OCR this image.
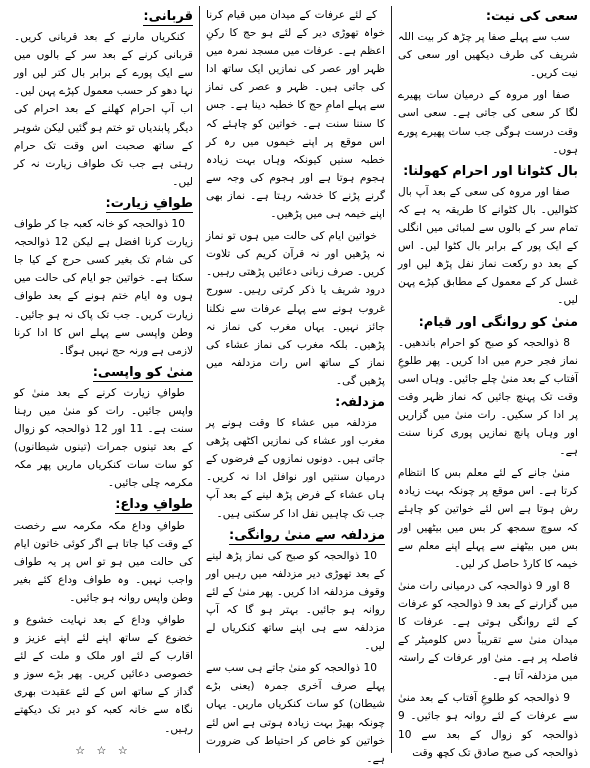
سعی کی نیت:

سب سے پہلے صفا پر چڑھ کر بیت اللہ شریف کی طرف دیکھیں اور سعی کی نیت کریں۔

صفا اور مروہ کے درمیان سات پھیرے لگا کر سعی کی جاتی ہے۔ سعی اسی وقت درست ہوگی جب سات پھیرے پورے ہوں۔

بال کٹوانا اور احرام کھولنا:

صفا اور مروہ کی سعی کے بعد آپ بال کٹوالیں۔ بال کٹوانے کا طریقہ یہ ہے کہ تمام سر کے بالوں سے لمبائی میں انگلی کے ایک پور کے برابر بال کٹوا لیں۔ اس کے بعد دو رکعت نماز نفل پڑھ لیں اور غسل کر کے معمول کے مطابق کپڑے پہن لیں۔

منیٰ کو روانگی اور قیام:

8 ذوالحجہ کو صبح کو احرام باندھیں۔ نماز فجر حرم میں ادا کریں۔ پھر طلوعِ آفتاب کے بعد منیٰ چلے جائیں۔ وہاں اسی وقت تک پہنچ جائیں کہ نماز ظہر وقت پر ادا کر سکیں۔ رات منیٰ میں گزاریں اور وہاں پانچ نمازیں پوری کرنا سنت ہے۔

منیٰ جانے کے لئے معلم بس کا انتظام کرتا ہے۔ اس موقع پر چونکہ بہت زیادہ رش ہوتا ہے اس لئے خواتین کو چاہئے کہ سوچ سمجھ کر بس میں بیٹھیں اور بس میں بیٹھنے سے پہلے اپنے معلم سے خیمہ کا کارڈ حاصل کر لیں۔

8 اور 9 ذوالحجہ کی درمیانی رات منیٰ میں گزارنے کے بعد 9 ذوالحجہ کو عرفات کے لئے روانگی ہوتی ہے۔ عرفات کا میدان منیٰ سے تقریباً دس کلومیٹر کے فاصلہ پر ہے۔ منیٰ اور عرفات کے راستہ میں مزدلفہ آتا ہے۔

9 ذوالحجہ کو طلوعِ آفتاب کے بعد منیٰ سے عرفات کے لئے روانہ ہو جائیں۔ 9 ذوالحجہ کو زوال کے بعد سے 10 ذوالحجہ کی صبح صادق تک کچھ وقت

کے لئے عرفات کے میدان میں قیام کرنا خواہ تھوڑی دیر کے لئے ہو حج کا رکنِ اعظم ہے۔ عرفات میں مسجد نمرہ میں ظہر اور عصر کی نمازیں ایک ساتھ ادا کی جاتی ہیں۔ ظہر و عصر کی نماز سے پہلے امامِ حج کا خطبہ دینا ہے۔ جس کا سننا سنت ہے۔ خواتین کو چاہئے کہ اس موقع پر اپنے خیموں میں رہ کر خطبہ سنیں کیونکہ وہاں بہت زیادہ ہجوم ہوتا ہے اور ہجوم کی وجہ سے گرنے پڑنے کا خدشہ رہتا ہے۔ نماز بھی اپنے خیمہ ہی میں پڑھیں۔

خواتین ایام کی حالت میں ہوں تو نماز نہ پڑھیں اور نہ قرآن کریم کی تلاوت کریں۔ صرف زبانی دعائیں پڑھتی رہیں۔ درود شریف یا ذکر کرتی رہیں۔ سورج غروب ہونے سے پہلے عرفات سے نکلنا جائز نہیں۔ یہاں مغرب کی نماز نہ پڑھیں۔ بلکہ مغرب کی نماز عشاء کی نماز کے ساتھ اس رات مزدلفہ میں پڑھیں گی۔

مزدلفہ:

مزدلفہ میں عشاء کا وقت ہونے پر مغرب اور عشاء کی نمازیں اکٹھی پڑھی جاتی ہیں۔ دونوں نمازوں کے فرضوں کے درمیان سنتیں اور نوافل ادا نہ کریں۔ ہاں عشاء کے فرض پڑھ لینے کے بعد آپ جب تک چاہیں نفل ادا کر سکتی ہیں۔

مزدلفہ سے منیٰ روانگی:

10 ذوالحجہ کو صبح کی نماز پڑھ لینے کے بعد تھوڑی دیر مزدلفہ میں رہیں اور وقوف مزدلفہ ادا کریں۔ پھر منیٰ کے لئے روانہ ہو جائیں۔ بہتر ہو گا کہ آپ مزدلفہ سے ہی اپنے ساتھ کنکریاں لے لیں۔

10 ذوالحجہ کو منیٰ جاتے ہی سب سے پہلے صرف آخری جمرہ (یعنی بڑے شیطان) کو سات کنکریاں ماریں۔ یہاں چونکہ بھیڑ بہت زیادہ ہوتی ہے اس لئے خواتین کو خاص کر احتیاط کی ضرورت ہے۔

قربانی:

کنکریاں مارنے کے بعد قربانی کریں۔ قربانی کرنے کے بعد سر کے بالوں میں سے ایک پورے کے برابر بال کتر لیں اور نہا دھو کر حسب معمول کپڑے پہن لیں۔ اب آپ احرام کھلنے کے بعد احرام کی دیگر پابندیاں تو ختم ہو گئیں لیکن شوہر کے ساتھ صحبت اس وقت تک حرام رہتی ہے جب تک طواف زیارت نہ کر لیں۔

طوافِ زیارت:

10 ذوالحجہ کو خانہ کعبہ جا کر طواف زیارت کرنا افضل ہے لیکن 12 ذوالحجہ کی شام تک بغیر کسی حرج کے کیا جا سکتا ہے۔ خواتین جو ایام کی حالت میں ہوں وہ ایام ختم ہونے کے بعد طواف زیارت کریں۔ جب تک پاک نہ ہو جائیں۔ وطن واپسی سے پہلے اس کا ادا کرنا لازمی ہے ورنہ حج نہیں ہوگا۔

منیٰ کو واپسی:

طوافِ زیارت کرنے کے بعد منیٰ کو واپس جائیں۔ رات کو منیٰ میں رہنا سنت ہے۔ 11 اور 12 ذوالحجہ کو زوال کے بعد تینوں جمرات (تینوں شیطانوں) کو سات سات کنکریاں ماریں پھر مکہ مکرمہ چلی جائیں۔

طوافِ وداع:

طوافِ وداع مکہ مکرمہ سے رخصت کے وقت کیا جاتا ہے اگر کوئی خاتون ایام کی حالت میں ہو تو اس پر یہ طواف واجب نہیں۔ وہ طواف وداع کئے بغیر وطن واپس روانہ ہو جائیں۔

طوافِ وداع کے بعد نہایت خشوع و خضوع کے ساتھ اپنے لئے اپنے عزیز و اقارب کے لئے اور ملک و ملت کے لئے خصوصی دعائیں کریں۔ پھر بڑے سوز و گداز کے ساتھ اس کے لئے عقیدت بھری نگاہ سے خانہ کعبہ کو دیر تک دیکھتے رہیں۔

☆ ☆ ☆
